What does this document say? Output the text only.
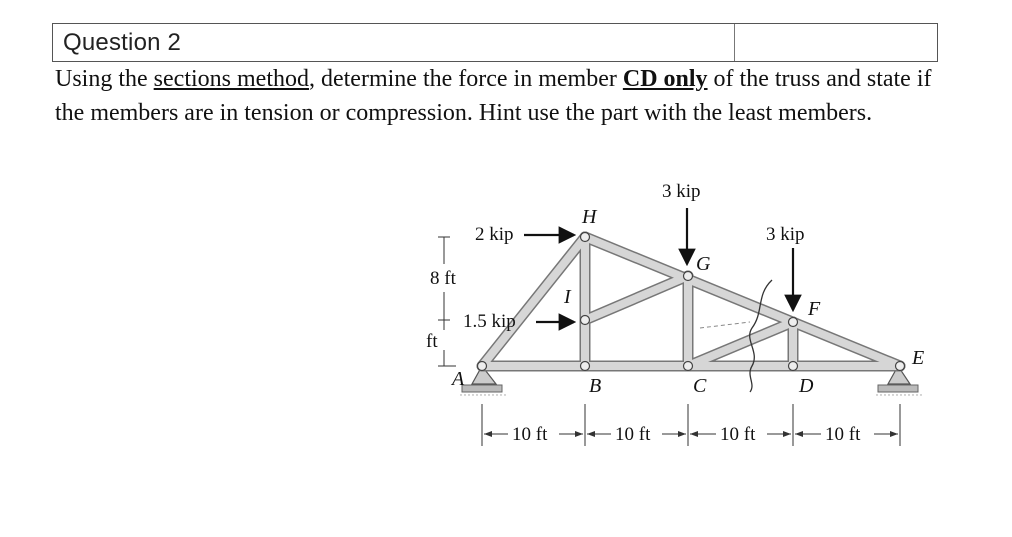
Question 2
Using the sections method, determine the force in member CD only of the truss and state if the members are in tension or compression. Hint use the part with the least members.
2 kip
1.5 kip
3 kip
3 kip
H
I
G
F
A	B	C	D
E
8 ft
ft
10 ft	10 ft	10 ft	10 ft
